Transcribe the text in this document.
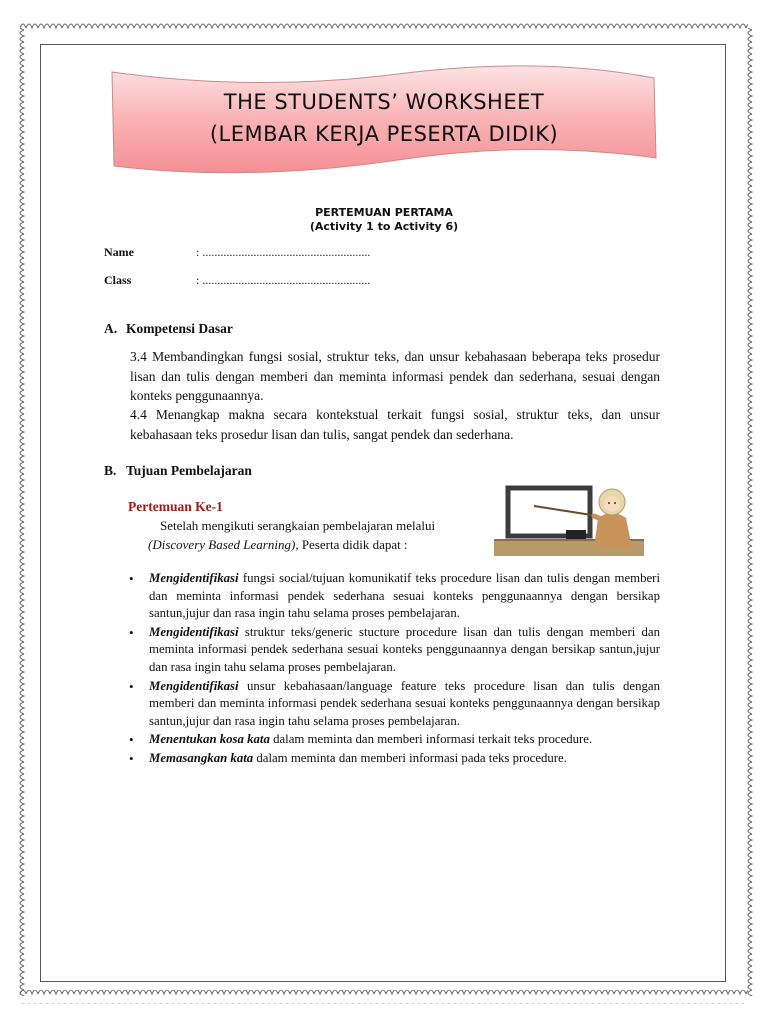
THE STUDENTS’ WORKSHEET
(LEMBAR KERJA PESERTA DIDIK)
PERTEMUAN PERTAMA
(Activity 1 to Activity 6)
Name	: ........................................................
Class	: ........................................................
A. Kompetensi Dasar
3.4 Membandingkan fungsi sosial, struktur teks, dan unsur kebahasaan beberapa teks prosedur lisan dan tulis dengan memberi dan meminta informasi pendek dan sederhana, sesuai dengan konteks penggunaannya.
4.4 Menangkap makna secara kontekstual terkait fungsi sosial, struktur teks, dan unsur kebahasaan teks prosedur lisan dan tulis, sangat pendek dan sederhana.
B. Tujuan Pembelajaran
Pertemuan Ke-1
Setelah mengikuti serangkaian pembelajaran melalui
(Discovery Based Learning), Peserta didik dapat :
• Mengidentifikasi fungsi social/tujuan komunikatif teks procedure lisan dan tulis dengan memberi dan meminta informasi pendek sederhana sesuai konteks penggunaannya dengan bersikap santun,jujur dan rasa ingin tahu selama proses pembelajaran.
• Mengidentifikasi struktur teks/generic stucture procedure lisan dan tulis dengan memberi dan meminta informasi pendek sederhana sesuai konteks penggunaannya dengan bersikap santun,jujur dan rasa ingin tahu selama proses pembelajaran.
• Mengidentifikasi unsur kebahasaan/language feature teks procedure lisan dan tulis dengan memberi dan meminta informasi pendek sederhana sesuai konteks penggunaannya dengan bersikap santun,jujur dan rasa ingin tahu selama proses pembelajaran.
• Menentukan kosa kata dalam meminta dan memberi informasi terkait teks procedure.
• Memasangkan kata dalam meminta dan memberi informasi pada teks procedure.
